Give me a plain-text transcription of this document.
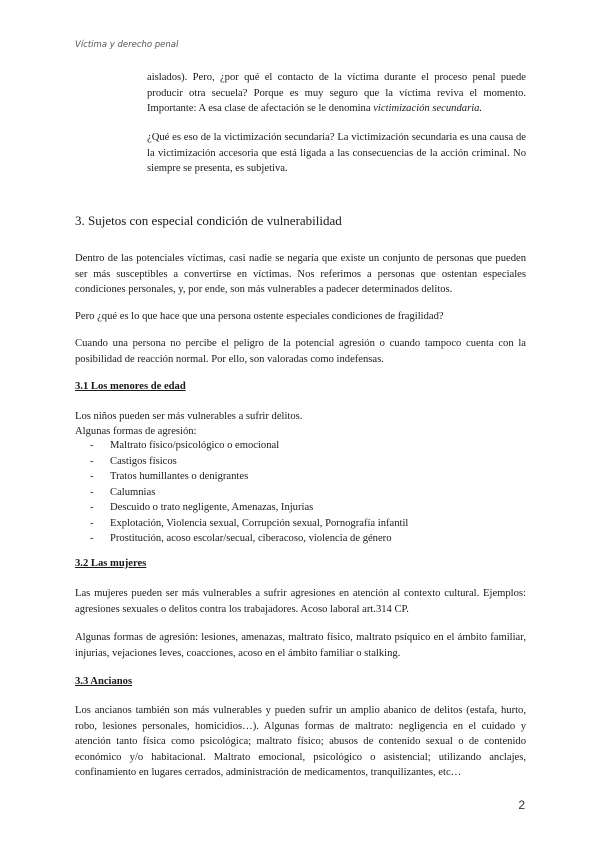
Víctima y derecho penal

aislados). Pero, ¿por qué el contacto de la víctima durante el proceso penal puede producir otra secuela? Porque es muy seguro que la víctima reviva el momento. Importante: A esa clase de afectación se le denomina victimización secundaria.

¿Qué es eso de la victimización secundaria? La victimización secundaria es una causa de la victimización accesoria que está ligada a las consecuencias de la acción criminal. No siempre se presenta, es subjetiva.

3. Sujetos con especial condición de vulnerabilidad

Dentro de las potenciales víctimas, casi nadie se negaría que existe un conjunto de personas que pueden ser más susceptibles a convertirse en víctimas. Nos referimos a personas que ostentan especiales condiciones personales, y, por ende, son más vulnerables a padecer determinados delitos.

Pero ¿qué es lo que hace que una persona ostente especiales condiciones de fragilidad?

Cuando una persona no percibe el peligro de la potencial agresión o cuando tampoco cuenta con la posibilidad de reacción normal. Por ello, son valoradas como indefensas.

3.1 Los menores de edad

Los niños pueden ser más vulnerables a sufrir delitos.

Algunas formas de agresión:

- Maltrato físico/psicológico o emocional
- Castigos físicos
- Tratos humillantes o denigrantes
- Calumnias
- Descuido o trato negligente, Amenazas, Injurias
- Explotación, Violencia sexual, Corrupción sexual, Pornografía infantil
- Prostitución, acoso escolar/secual, ciberacoso, violencia de género
3.2 Las mujeres

Las mujeres pueden ser más vulnerables a sufrir agresiones en atención al contexto cultural. Ejemplos: agresiones sexuales o delitos contra los trabajadores. Acoso laboral art.314 CP.

Algunas formas de agresión: lesiones, amenazas, maltrato físico, maltrato psíquico en el ámbito familiar, injurias, vejaciones leves, coacciones, acoso en el ámbito familiar o stalking.

3.3 Ancianos

Los ancianos también son más vulnerables y pueden sufrir un amplio abanico de delitos (estafa, hurto, robo, lesiones personales, homicidios…). Algunas formas de maltrato: negligencia en el cuidado y atención tanto física como psicológica; maltrato físico; abusos de contenido sexual o de contenido económico y/o habitacional. Maltrato emocional, psicológico o asistencial; utilizando anclajes, confinamiento en lugares cerrados, administración de medicamentos, tranquilizantes, etc…

2
